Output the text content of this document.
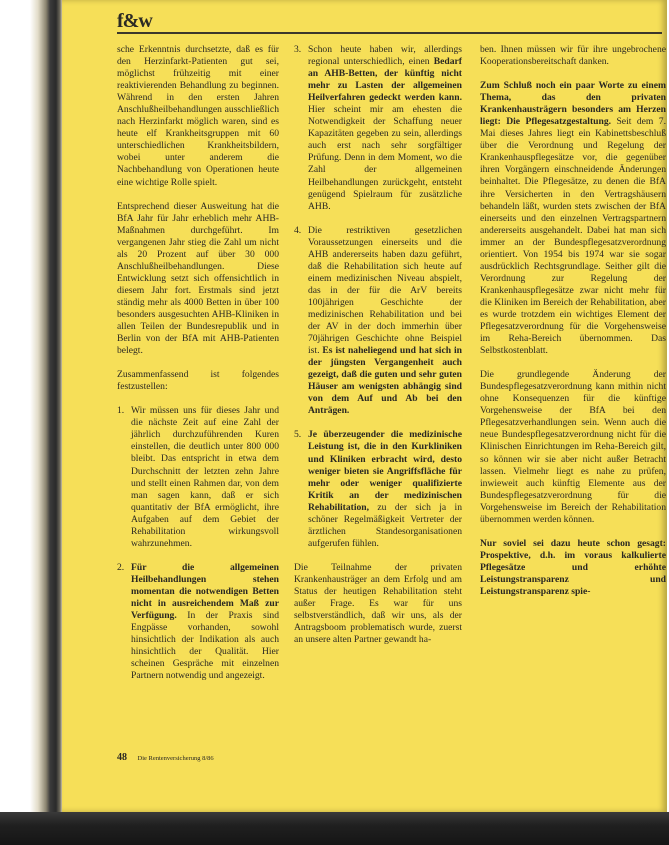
f&w

sche Erkenntnis durchsetzte, daß es für den Herzinfarkt-Patienten gut sei, möglichst frühzeitig mit einer reaktivierenden Behandlung zu beginnen. Während in den ersten Jahren Anschlußheilbehandlungen ausschließlich nach Herzinfarkt möglich waren, sind es heute elf Krankheitsgruppen mit 60 unterschiedlichen Krankheitsbildern, wobei unter anderem die Nachbehandlung von Operationen heute eine wichtige Rolle spielt.

Entsprechend dieser Ausweitung hat die BfA Jahr für Jahr erheblich mehr AHB-Maßnahmen durchgeführt. Im vergangenen Jahr stieg die Zahl um nicht als 20 Prozent auf über 30 000 Anschlußheilbehandlungen. Diese Entwicklung setzt sich offensichtlich in diesem Jahr fort. Erstmals sind jetzt ständig mehr als 4000 Betten in über 100 besonders ausgesuchten AHB-Kliniken in allen Teilen der Bundesrepublik und in Berlin von der BfA mit AHB-Patienten belegt.

Zusammenfassend ist folgendes festzustellen:

1. Wir müssen uns für dieses Jahr und die nächste Zeit auf eine Zahl der jährlich durchzuführenden Kuren einstellen, die deutlich unter 800 000 bleibt. Das entspricht in etwa dem Durchschnitt der letzten zehn Jahre und stellt einen Rahmen dar, von dem man sagen kann, daß er sich quantitativ der BfA ermöglicht, ihre Aufgaben auf dem Gebiet der Rehabilitation wirkungsvoll wahrzunehmen.
2. Für die allgemeinen Heilbehandlungen stehen momentan die notwendigen Betten nicht in ausreichendem Maß zur Verfügung. In der Praxis sind Engpässe vorhanden, sowohl hinsichtlich der Indikation als auch hinsichtlich der Qualität. Hier scheinen Gespräche mit einzelnen Partnern notwendig und angezeigt.
3. Schon heute haben wir, allerdings regional unterschiedlich, einen Bedarf an AHB-Betten, der künftig nicht mehr zu Lasten der allgemeinen Heilverfahren gedeckt werden kann. Hier scheint mir am ehesten die Notwendigkeit der Schaffung neuer Kapazitäten gegeben zu sein, allerdings auch erst nach sehr sorgfältiger Prüfung. Denn in dem Moment, wo die Zahl der allgemeinen Heilbehandlungen zurückgeht, entsteht genügend Spielraum für zusätzliche AHB.
4. Die restriktiven gesetzlichen Voraussetzungen einerseits und die AHB andererseits haben dazu geführt, daß die Rehabilitation sich heute auf einem medizinischen Niveau abspielt, das in der für die ArV bereits 100jährigen Geschichte der medizinischen Rehabilitation und bei der AV in der doch immerhin über 70jährigen Geschichte ohne Beispiel ist. Es ist naheliegend und hat sich in der jüngsten Vergangenheit auch gezeigt, daß die guten und sehr guten Häuser am wenigsten abhängig sind von dem Auf und Ab bei den Anträgen.
5. Je überzeugender die medizinische Leistung ist, die in den Kurkliniken und Kliniken erbracht wird, desto weniger bieten sie Angriffsfläche für mehr oder weniger qualifizierte Kritik an der medizinischen Rehabilitation, zu der sich ja in schöner Regelmäßigkeit Vertreter der ärztlichen Standesorganisationen aufgerufen fühlen.

Die Teilnahme der privaten Krankenhausträger an dem Erfolg und am Status der heutigen Rehabilitation steht außer Frage. Es war für uns selbstverständlich, daß wir uns, als der Antragsboom problematisch wurde, zuerst an unsere alten Partner gewandt ha-

ben. Ihnen müssen wir für ihre ungebrochene Kooperationsbereitschaft danken.

Zum Schluß noch ein paar Worte zu einem Thema, das den privaten Krankenhausträgern besonders am Herzen liegt: Die Pflegesatzgestaltung. Seit dem 7. Mai dieses Jahres liegt ein Kabinettsbeschluß über die Verordnung und Regelung der Krankenhauspflegesätze vor, die gegenüber ihren Vorgängern einschneidende Änderungen beinhaltet. Die Pflegesätze, zu denen die BfA ihre Versicherten in den Vertragshäusern behandeln läßt, wurden stets zwischen der BfA einerseits und den einzelnen Vertragspartnern andererseits ausgehandelt. Dabei hat man sich immer an der Bundespflegesatzverordnung orientiert. Von 1954 bis 1974 war sie sogar ausdrücklich Rechtsgrundlage. Seither gilt die Verordnung zur Regelung der Krankenhauspflegesätze zwar nicht mehr für die Kliniken im Bereich der Rehabilitation, aber es wurde trotzdem ein wichtiges Element der Pflegesatzverordnung für die Vorgehensweise im Reha-Bereich übernommen. Das Selbstkostenblatt.

Die grundlegende Änderung der Bundespflegesatzverordnung kann mithin nicht ohne Konsequenzen für die künftige Vorgehensweise der BfA bei den Pflegesatzverhandlungen sein. Wenn auch die neue Bundespflegesatzverordnung nicht für die Klinischen Einrichtungen im Reha-Bereich gilt, so können wir sie aber nicht außer Betracht lassen. Vielmehr liegt es nahe zu prüfen, inwieweit auch künftig Elemente aus der Bundespflegesatzverordnung für die Vorgehensweise im Bereich der Rehabilitation übernommen werden können.

Nur soviel sei dazu heute schon gesagt: Prospektive, d.h. im voraus kalkulierte Pflegesätze und erhöhte Leistungstransparenz und Leistungstransparenz spie-

48 Die Rentenversicherung 8/86
